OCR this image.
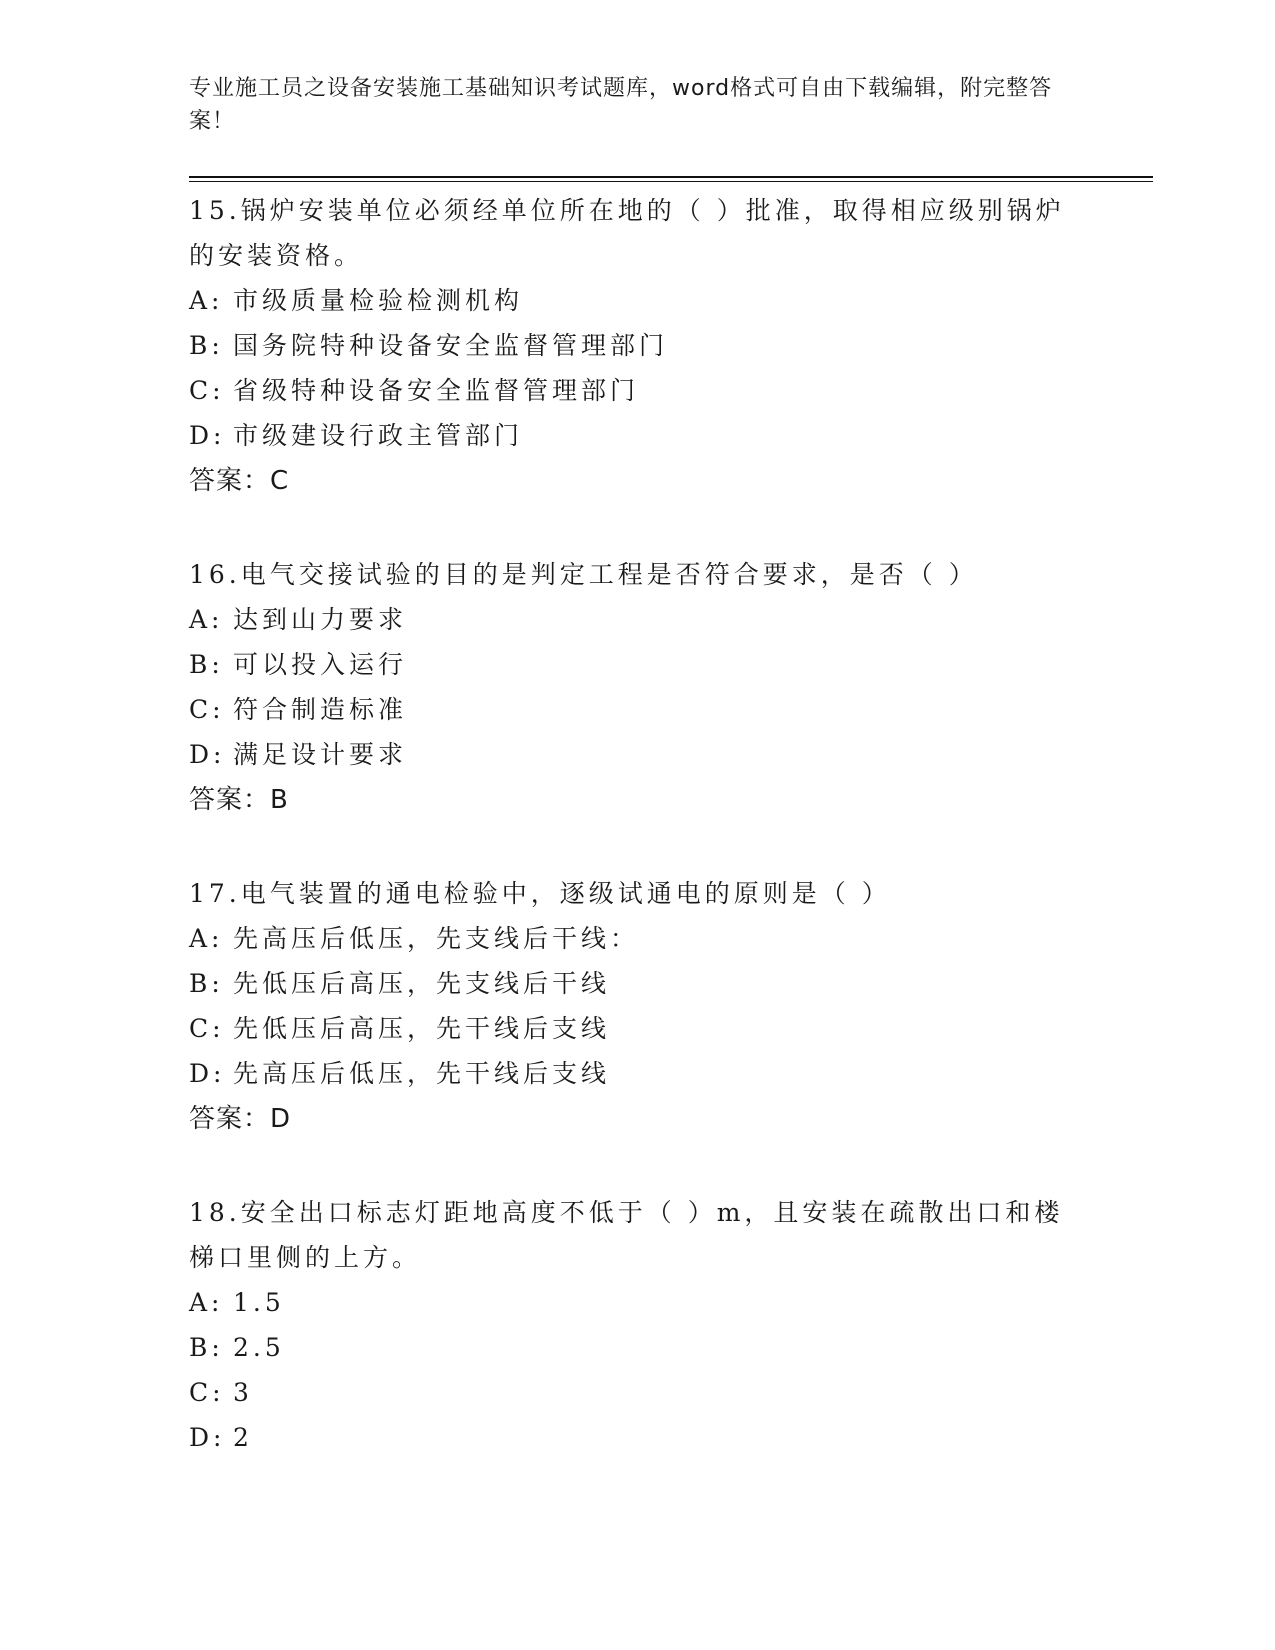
专业施工员之设备安装施工基础知识考试题库，word格式可自由下载编辑，附完整答案！
15.锅炉安装单位必须经单位所在地的（ ）批准，取得相应级别锅炉的安装资格。
A: 市级质量检验检测机构
B: 国务院特种设备安全监督管理部门
C: 省级特种设备安全监督管理部门
D: 市级建设行政主管部门
答案：C
16.电气交接试验的目的是判定工程是否符合要求，是否（ ）
A: 达到山力要求
B: 可以投入运行
C: 符合制造标准
D: 满足设计要求
答案：B
17.电气装置的通电检验中，逐级试通电的原则是（ ）
A: 先高压后低压，先支线后干线：
B: 先低压后高压，先支线后干线
C: 先低压后高压，先干线后支线
D: 先高压后低压，先干线后支线
答案：D
18.安全出口标志灯距地高度不低于（ ）m，且安装在疏散出口和楼梯口里侧的上方。
A: 1.5
B: 2.5
C: 3
D: 2
